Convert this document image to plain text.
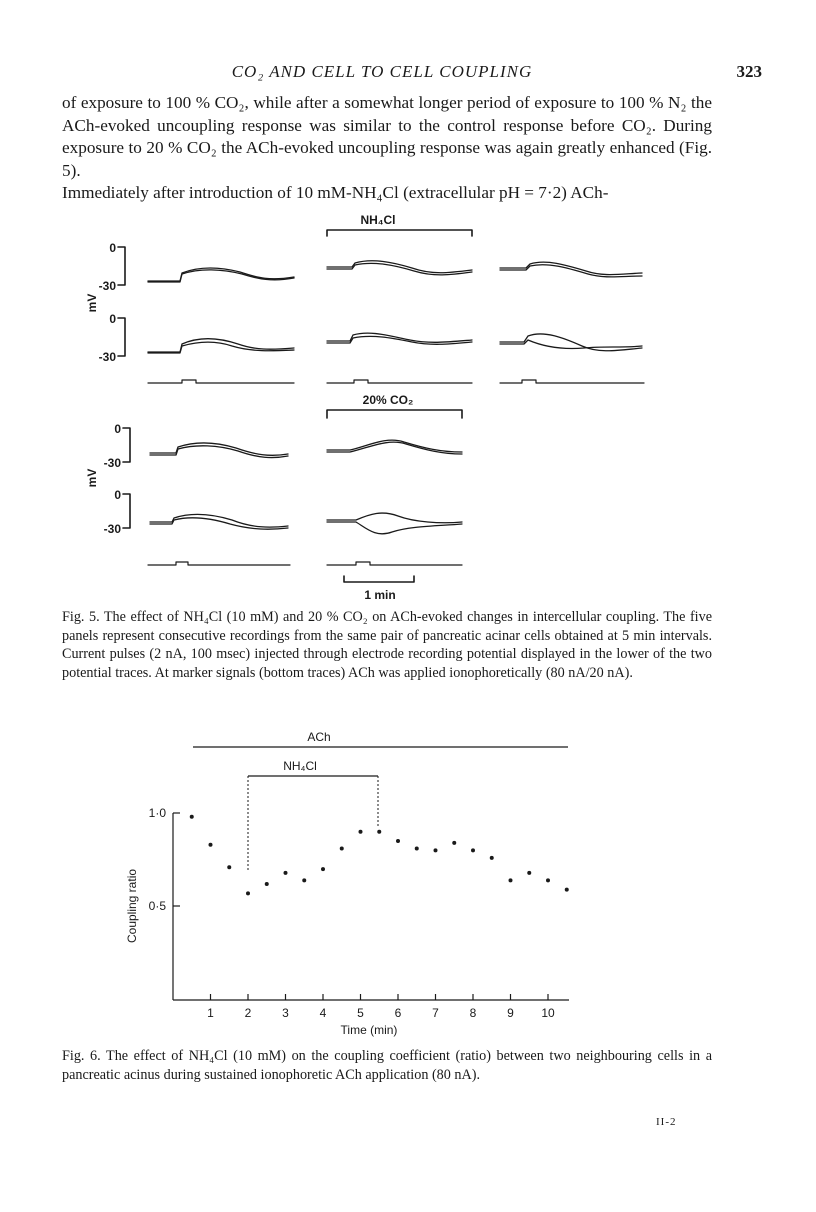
CO₂ AND CELL TO CELL COUPLING	323

of exposure to 100 % CO₂, while after a somewhat longer period of exposure to 100 % N₂ the ACh-evoked uncoupling response was similar to the control response before CO₂. During exposure to 20 % CO₂ the ACh-evoked uncoupling response was again greatly enhanced (Fig. 5).

Immediately after introduction of 10 mM-NH₄Cl (extracellular pH = 7·2) ACh-

NH₄Cl
20% CO₂
0
-30
0
-30
0
-30
0
-30
mV
mV
1 min

Fig. 5. The effect of NH₄Cl (10 mM) and 20 % CO₂ on ACh-evoked changes in intercellular coupling. The five panels represent consecutive recordings from the same pair of pancreatic acinar cells obtained at 5 min intervals. Current pulses (2 nA, 100 msec) injected through electrode recording potential displayed in the lower of the two potential traces. At marker signals (bottom traces) ACh was applied ionophoretically (80 nA/20 nA).

ACh
NH₄Cl
1·0
0·5
Coupling ratio
Time (min)
1	2	3	4	5	6	7	8	9 10

Fig. 6. The effect of NH₄Cl (10 mM) on the coupling coefficient (ratio) between two neighbouring cells in a pancreatic acinus during sustained ionophoretic ACh application (80 nA).

II-2
